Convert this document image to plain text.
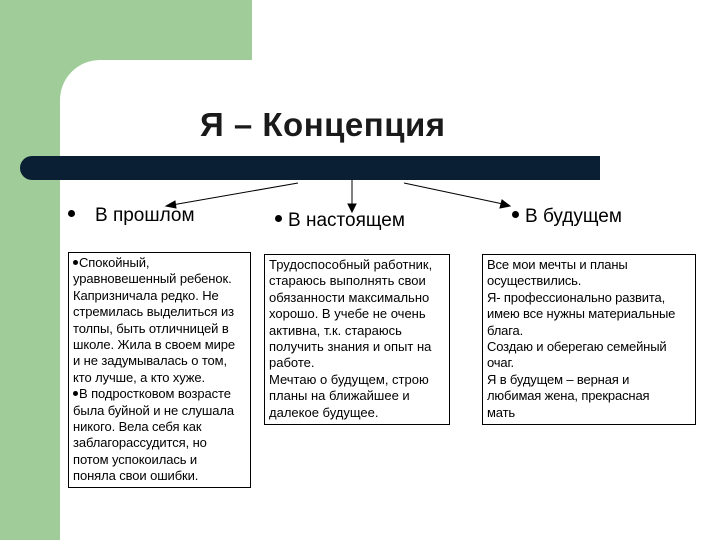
Я – Концепция
В прошлом	В настоящем	В будущем
Спокойный,
уравновешенный ребенок.
Капризничала редко. Не
стремилась выделиться из
толпы, быть отличницей в
школе. Жила в своем мире
и не задумывалась о том,
кто лучше, а кто хуже.
В подростковом возрасте
была буйной и не слушала
никого. Вела себя как
заблагорассудится, но
потом успокоилась и
поняла свои ошибки.
Трудоспособный работник,
стараюсь выполнять свои
обязанности максимально
хорошо. В учебе не очень
активна, т.к. стараюсь
получить знания и опыт на
работе.
Мечтаю о будущем, строю
планы на ближайшее и
далекое будущее.
Все мои мечты и планы
осуществились.
Я- профессионально развита,
имею все нужны материальные
блага.
Создаю и оберегаю семейный
очаг.
Я в будущем – верная и
любимая жена, прекрасная
мать
